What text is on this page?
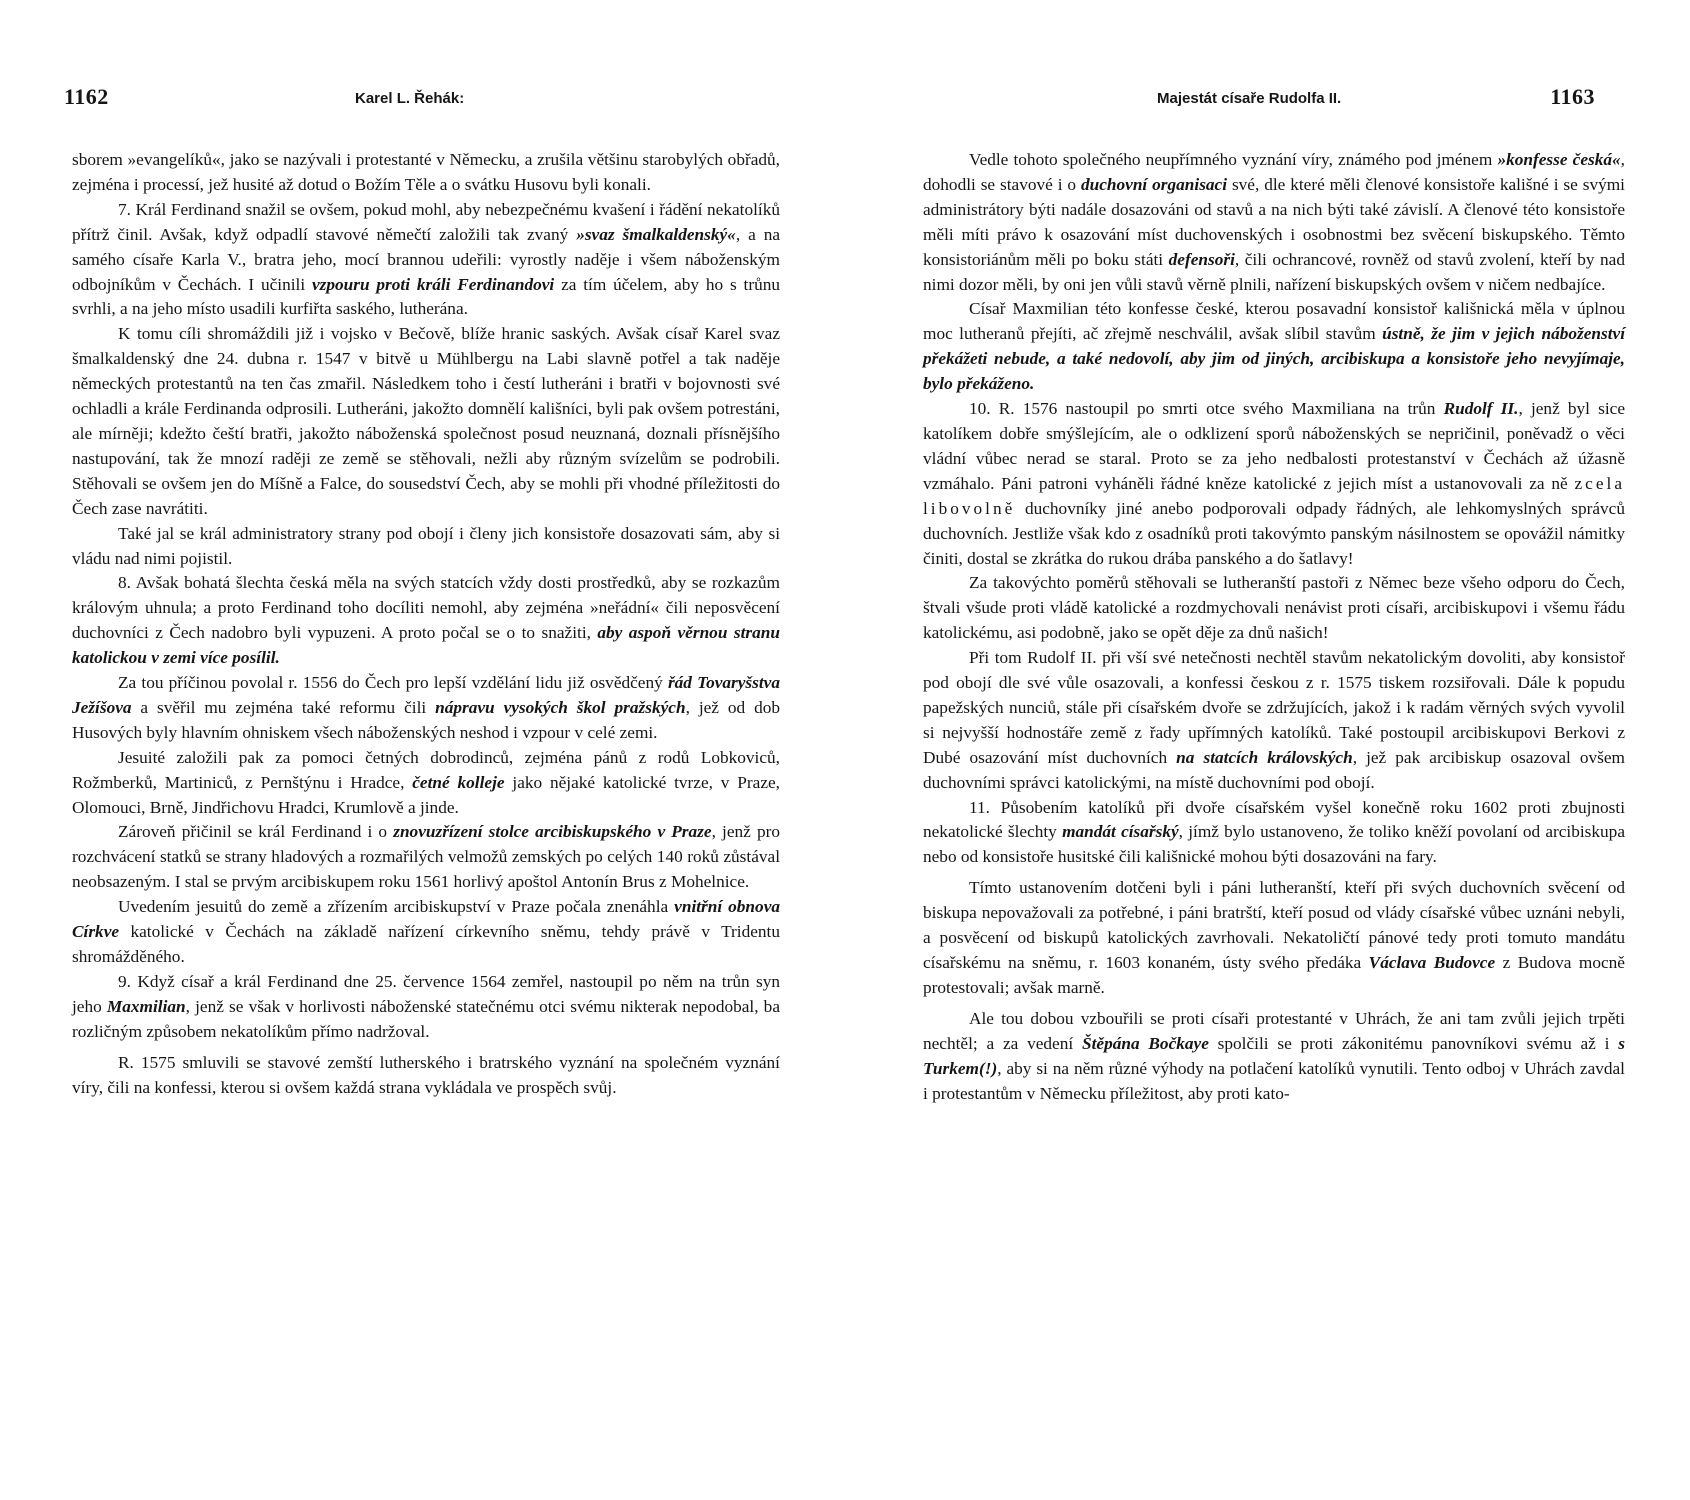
1162	Karel L. Řehák:

sborem »evangelíků«, jako se nazývali i protestanté v Německu, a zrušila většinu starobylých obřadů, zejména i processí, jež husité až dotud o Božím Těle a o svátku Husovu byli konali.

7. Král Ferdinand snažil se ovšem, pokud mohl, aby nebezpečnému kvašení i řádění nekatolíků přítrž činil. Avšak, když odpadlí stavové němečtí založili tak zvaný »svaz šmalkaldenský«, a na samého císaře Karla V., bratra jeho, mocí brannou udeřili: vyrostly naděje i všem náboženským odbojníkům v Čechách. I učinili vzpouru proti králi Ferdinandovi za tím účelem, aby ho s trůnu svrhli, a na jeho místo usadili kurfiřta saského, lutherána.

K tomu cíli shromáždili již i vojsko v Bečově, blíže hranic saských. Avšak císař Karel svaz šmalkaldenský dne 24. dubna r. 1547 v bitvě u Mühlbergu na Labi slavně potřel a tak naděje německých protestantů na ten čas zmařil. Následkem toho i čestí lutheráni i bratři v bojovnosti své ochladli a krále Ferdinanda odprosili. Lutheráni, jakožto domnělí kališníci, byli pak ovšem potrestáni, ale mírněji; kdežto čeští bratři, jakožto náboženská společnost posud neuznaná, doznali přísnějšího nastupování, tak že mnozí raději ze země se stěhovali, nežli aby různým svízelům se podrobili. Stěhovali se ovšem jen do Míšně a Falce, do sousedství Čech, aby se mohli při vhodné příležitosti do Čech zase navrátiti.

Také jal se král administratory strany pod obojí i členy jich konsistoře dosazovati sám, aby si vládu nad nimi pojistil.

8. Avšak bohatá šlechta česká měla na svých statcích vždy dosti prostředků, aby se rozkazům královým uhnula; a proto Ferdinand toho docíliti nemohl, aby zejména »neřádní« čili neposvěcení duchovníci z Čech nadobro byli vypuzeni. A proto počal se o to snažiti, aby aspoň věrnou stranu katolickou v zemi více posílil.

Za tou příčinou povolal r. 1556 do Čech pro lepší vzdělání lidu již osvědčený řád Tovaryšstva Ježíšova a svěřil mu zejména také reformu čili nápravu vysokých škol pražských, jež od dob Husových byly hlavním ohniskem všech náboženských neshod i vzpour v celé zemi.

Jesuité založili pak za pomoci četných dobrodinců, zejména pánů z rodů Lobkoviců, Rožmberků, Martiniců, z Pernštýnu i Hradce, četné kolleje jako nějaké katolické tvrze, v Praze, Olomouci, Brně, Jindřichovu Hradci, Krumlově a jinde.

Zároveň přičinil se král Ferdinand i o znovuzřízení stolce arcibiskupského v Praze, jenž pro rozchvácení statků se strany hladových a rozmařilých velmožů zemských po celých 140 roků zůstával neobsazeným. I stal se prvým arcibiskupem roku 1561 horlivý apoštol Antonín Brus z Mohelnice.

Uvedením jesuitů do země a zřízením arcibiskupství v Praze počala znenáhla vnitřní obnova Církve katolické v Čechách na základě nařízení církevního sněmu, tehdy právě v Tridentu shromážděného.

9. Když císař a král Ferdinand dne 25. července 1564 zemřel, nastoupil po něm na trůn syn jeho Maxmilian, jenž se však v horlivosti náboženské statečnému otci svému nikterak nepodobal, ba rozličným způsobem nekatolíkům přímo nadržoval.

R. 1575 smluvili se stavové zemští lutherského i bratrského vyznání na společném vyznání víry, čili na konfessi, kterou si ovšem každá strana vykládala ve prospěch svůj.

Majestát císaře Rudolfa II.	1163

Vedle tohoto společného neupřímného vyznání víry, známého pod jménem »konfesse česká«, dohodli se stavové i o duchovní organisaci své, dle které měli členové konsistoře kališné i se svými administrátory býti nadále dosazováni od stavů a na nich býti také závislí. A členové této konsistoře měli míti právo k osazování míst duchovenských i osobnostmi bez svěcení biskupského. Těmto konsistoriánům měli po boku státi defensoři, čili ochrancové, rovněž od stavů zvolení, kteří by nad nimi dozor měli, by oni jen vůli stavů věrně plnili, nařízení biskupských ovšem v ničem nedbajíce.

Císař Maxmilian této konfesse české, kterou posavadní konsistoř kališnická měla v úplnou moc lutheranů přejíti, ač zřejmě neschválil, avšak slíbil stavům ústně, že jim v jejich náboženství překážeti nebude, a také nedovolí, aby jim od jiných, arcibiskupa a konsistoře jeho nevyjímaje, bylo překáženo.

10. R. 1576 nastoupil po smrti otce svého Maxmiliana na trůn Rudolf II., jenž byl sice katolíkem dobře smýšlejícím, ale o odklizení sporů náboženských se nepričinil, poněvadž o věci vládní vůbec nerad se staral. Proto se za jeho nedbalosti protestanství v Čechách až úžasně vzmáhalo. Páni patroni vyháněli řádné kněze katolické z jejich míst a ustanovovali za ně zcela libovolně duchovníky jiné anebo podporovali odpady řádných, ale lehkomyslných správců duchovních. Jestliže však kdo z osadníků proti takovýmto panským násilnostem se opovážil námitky činiti, dostal se zkrátka do rukou drába panského a do šatlavy!

Za takovýchto poměrů stěhovali se lutheranští pastoři z Němec beze všeho odporu do Čech, štvali všude proti vládě katolické a rozdmychovali nenávist proti císaři, arcibiskupovi i všemu řádu katolickému, asi podobně, jako se opět děje za dnů našich!

Při tom Rudolf II. při vší své netečnosti nechtěl stavům nekatolickým dovoliti, aby konsistoř pod obojí dle své vůle osazovali, a konfessi českou z r. 1575 tiskem rozsiřovali. Dále k popudu papežských nunciů, stále při císařském dvoře se zdržujících, jakož i k radám věrných svých vyvolil si nejvyšší hodnostáře země z řady upřímných katolíků. Také postoupil arcibiskupovi Berkovi z Dubé osazování míst duchovních na statcích královských, jež pak arcibiskup osazoval ovšem duchovními správci katolickými, na místě duchovními pod obojí.

11. Působením katolíků při dvoře císařském vyšel konečně roku 1602 proti zbujnosti nekatolické šlechty mandát císařský, jímž bylo ustanoveno, že toliko kněží povolaní od arcibiskupa nebo od konsistoře husitské čili kališnické mohou býti dosazováni na fary.

Tímto ustanovením dotčeni byli i páni lutheranští, kteří při svých duchovních svěcení od biskupa nepovažovali za potřebné, i páni bratrští, kteří posud od vlády císařské vůbec uznáni nebyli, a posvěcení od biskupů katolických zavrhovali. Nekatoličtí pánové tedy proti tomuto mandátu císařskému na sněmu, r. 1603 konaném, ústy svého předáka Václava Budovce z Budova mocně protestovali; avšak marně.

Ale tou dobou vzbouřili se proti císaři protestanté v Uhrách, že ani tam zvůli jejich trpěti nechtěl; a za vedení Štěpána Bočkaye spolčili se proti zákonitému panovníkovi svému až i s Turkem(!), aby si na něm různé výhody na potlačení katolíků vynutili. Tento odboj v Uhrách zavdal i protestantům v Německu příležitost, aby proti kato-
